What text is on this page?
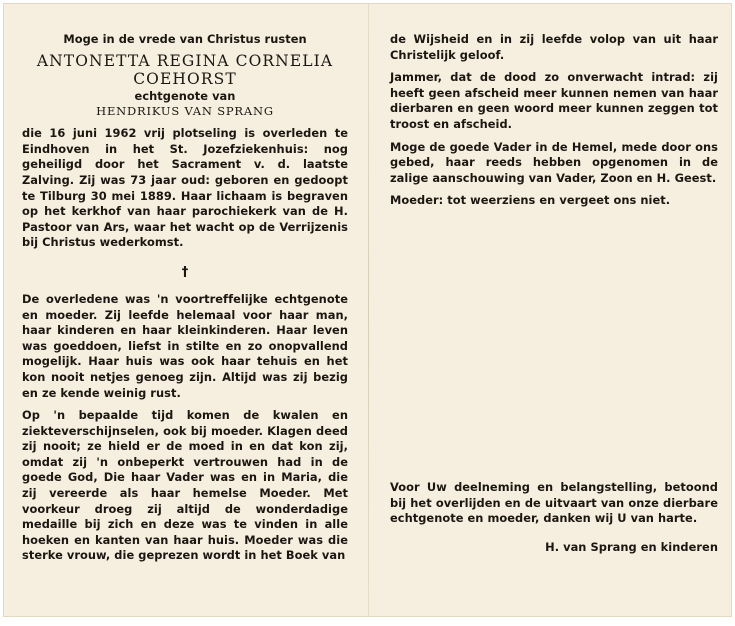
Moge in de vrede van Christus rusten

ANTONETTA REGINA CORNELIA

COEHORST

echtgenote van

HENDRIKUS VAN SPRANG

die 16 juni 1962 vrij plotseling is overleden te Eindhoven in het St. Jozefziekenhuis: nog geheiligd door het Sacrament v. d. laatste Zalving. Zij was 73 jaar oud: geboren en gedoopt te Tilburg 30 mei 1889. Haar lichaam is begraven op het kerkhof van haar parochiekerk van de H. Pastoor van Ars, waar het wacht op de Verrijzenis bij Christus wederkomst.

†

De overledene was 'n voortreffelijke echtgenote en moeder. Zij leefde helemaal voor haar man, haar kinderen en haar kleinkinderen. Haar leven was goeddoen, liefst in stilte en zo onopvallend mogelijk. Haar huis was ook haar tehuis en het kon nooit netjes genoeg zijn. Altijd was zij bezig en ze kende weinig rust.

Op 'n bepaalde tijd komen de kwalen en ziekteverschijnselen, ook bij moeder. Klagen deed zij nooit; ze hield er de moed in en dat kon zij, omdat zij 'n onbeperkt vertrouwen had in de goede God, Die haar Vader was en in Maria, die zij vereerde als haar hemelse Moeder. Met voorkeur droeg zij altijd de wonderdadige medaille bij zich en deze was te vinden in alle hoeken en kanten van haar huis. Moeder was die sterke vrouw, die geprezen wordt in het Boek van

de Wijsheid en in zij leefde volop van uit haar Christelijk geloof.

Jammer, dat de dood zo onverwacht intrad: zij heeft geen afscheid meer kunnen nemen van haar dierbaren en geen woord meer kunnen zeggen tot troost en afscheid.

Moge de goede Vader in de Hemel, mede door ons gebed, haar reeds hebben opgenomen in de zalige aanschouwing van Vader, Zoon en H. Geest.

Moeder: tot weerziens en vergeet ons niet.

Voor Uw deelneming en belangstelling, betoond bij het overlijden en de uitvaart van onze dierbare echtgenote en moeder, danken wij U van harte.

H. van Sprang en kinderen
